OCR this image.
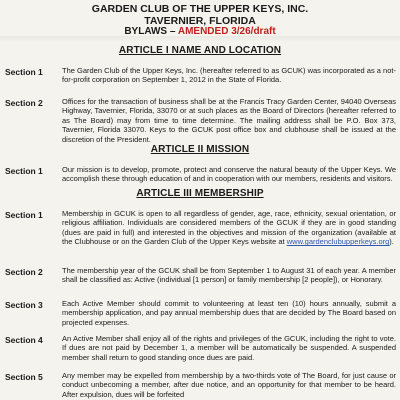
GARDEN CLUB OF THE UPPER KEYS, INC.
TAVERNIER, FLORIDA
BYLAWS – AMENDED 3/26/draft
ARTICLE I NAME AND LOCATION
Section 1	The Garden Club of the Upper Keys, Inc. (hereafter referred to as GCUK) was incorporated as a not-for-profit corporation on September 1, 2012 in the State of Florida.
Section 2	Offices for the transaction of business shall be at the Francis Tracy Garden Center, 94040 Overseas Highway, Tavernier, Florida, 33070 or at such places as the Board of Directors (hereafter referred to as The Board) may from time to time determine. The mailing address shall be P.O. Box 373, Tavernier, Florida 33070. Keys to the GCUK post office box and clubhouse shall be issued at the discretion of the President.
ARTICLE II MISSION
Section 1	Our mission is to develop, promote, protect and conserve the natural beauty of the Upper Keys. We accomplish these through education of and in cooperation with our members, residents and visitors.
ARTICLE III MEMBERSHIP
Section 1	Membership in GCUK is open to all regardless of gender, age, race, ethnicity, sexual orientation, or religious affiliation. Individuals are considered members of the GCUK if they are in good standing (dues are paid in full) and interested in the objectives and mission of the organization (available at the Clubhouse or on the Garden Club of the Upper Keys website at www.gardenclubupperkeys.org).
Section 2	The membership year of the GCUK shall be from September 1 to August 31 of each year. A member shall be classified as: Active (individual [1 person] or family membership [2 people]), or Honorary.
Section 3	Each Active Member should commit to volunteering at least ten (10) hours annually, submit a membership application, and pay annual membership dues that are decided by The Board based on projected expenses.
Section 4	An Active Member shall enjoy all of the rights and privileges of the GCUK, including the right to vote. If dues are not paid by December 1, a member will be automatically be suspended. A suspended member shall return to good standing once dues are paid.
Section 5	Any member may be expelled from membership by a two-thirds vote of The Board, for just cause or conduct unbecoming a member, after due notice, and an opportunity for that member to be heard. After expulsion, dues will be forfeited
